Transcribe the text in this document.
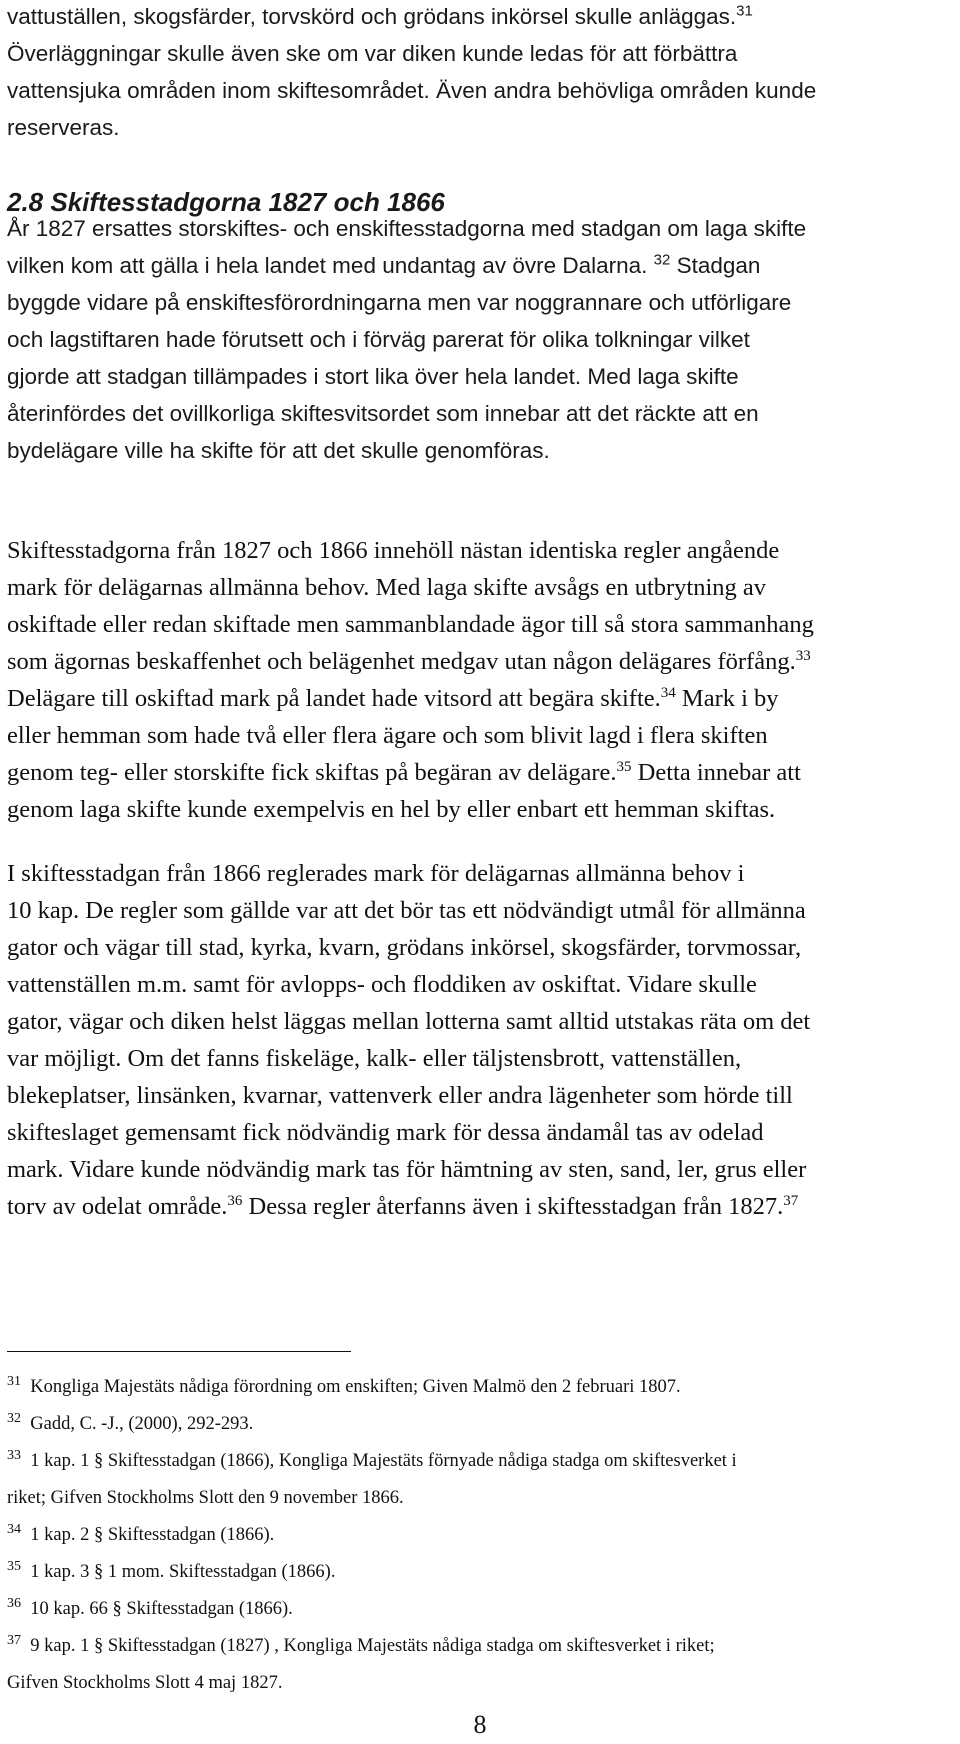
vattuställen, skogsfärder, torvskörd och grödans inkörsel skulle anläggas.$^{31}$
Överläggningar skulle även ske om var diken kunde ledas för att förbättra
vattensjuka områden inom skiftesområdet. Även andra behövliga områden kunde
reserveras.
2.8 Skiftesstadgorna 1827 och 1866
År 1827 ersattes storskiftes- och enskiftesstadgorna med stadgan om laga skifte
vilken kom att gälla i hela landet med undantag av övre Dalarna. $^{32}$ Stadgan
byggde vidare på enskiftesförordningarna men var noggrannare och utförligare
och lagstiftaren hade förutsett och i förväg parerat för olika tolkningar vilket
gjorde att stadgan tillämpades i stort lika över hela landet. Med laga skifte
återinfördes det ovillkorliga skiftesvitsordet som innebar att det räckte att en
bydelägare ville ha skifte för att det skulle genomföras.
Skiftesstadgorna från 1827 och 1866 innehöll nästan identiska regler angående
mark för delägarnas allmänna behov. Med laga skifte avsågs en utbrytning av
oskiftade eller redan skiftade men sammanblandade ägor till så stora sammanhang
som ägornas beskaffenhet och belägenhet medgav utan någon delägares förfång.$^{33}$
Delägare till oskiftad mark på landet hade vitsord att begära skifte.$^{34}$ Mark i by
eller hemman som hade två eller flera ägare och som blivit lagd i flera skiften
genom teg- eller storskifte fick skiftas på begäran av delägare.$^{35}$ Detta innebar att
genom laga skifte kunde exempelvis en hel by eller enbart ett hemman skiftas.
I skiftesstadgan från 1866 reglerades mark för delägarnas allmänna behov i
10 kap. De regler som gällde var att det bör tas ett nödvändigt utmål för allmänna
gator och vägar till stad, kyrka, kvarn, grödans inkörsel, skogsfärder, torvmossar,
vattenställen m.m. samt för avlopps- och floddiken av oskiftat. Vidare skulle
gator, vägar och diken helst läggas mellan lotterna samt alltid utstakas räta om det
var möjligt. Om det fanns fiskeläge, kalk- eller täljstensbrott, vattenställen,
blekeplatser, linsänken, kvarnar, vattenverk eller andra lägenheter som hörde till
skifteslaget gemensamt fick nödvändig mark för dessa ändamål tas av odelad
mark. Vidare kunde nödvändig mark tas för hämtning av sten, sand, ler, grus eller
torv av odelat område.$^{36}$ Dessa regler återfanns även i skiftesstadgan från 1827.37
$^{31}$ Kongliga Majestäts nådiga förordning om enskiften; Given Malmö den 2 februari 1807.
$^{32}$ Gadd, C. -J., (2000), 292-293.
$^{33}$ 1 kap. 1 § Skiftesstadgan (1866), Kongliga Majestäts förnyade nådiga stadga om skiftesverket i
riket; Gifven Stockholms Slott den 9 november 1866.
$^{34}$ 1 kap. 2 § Skiftesstadgan (1866).
$^{35}$ 1 kap. 3 § 1 mom. Skiftesstadgan (1866).
$^{36}$ 10 kap. 66 § Skiftesstadgan (1866).
$^{37}$ 9 kap. 1 § Skiftesstadgan (1827) , Kongliga Majestäts nådiga stadga om skiftesverket i riket;
Gifven Stockholms Slott 4 maj 1827.
8
